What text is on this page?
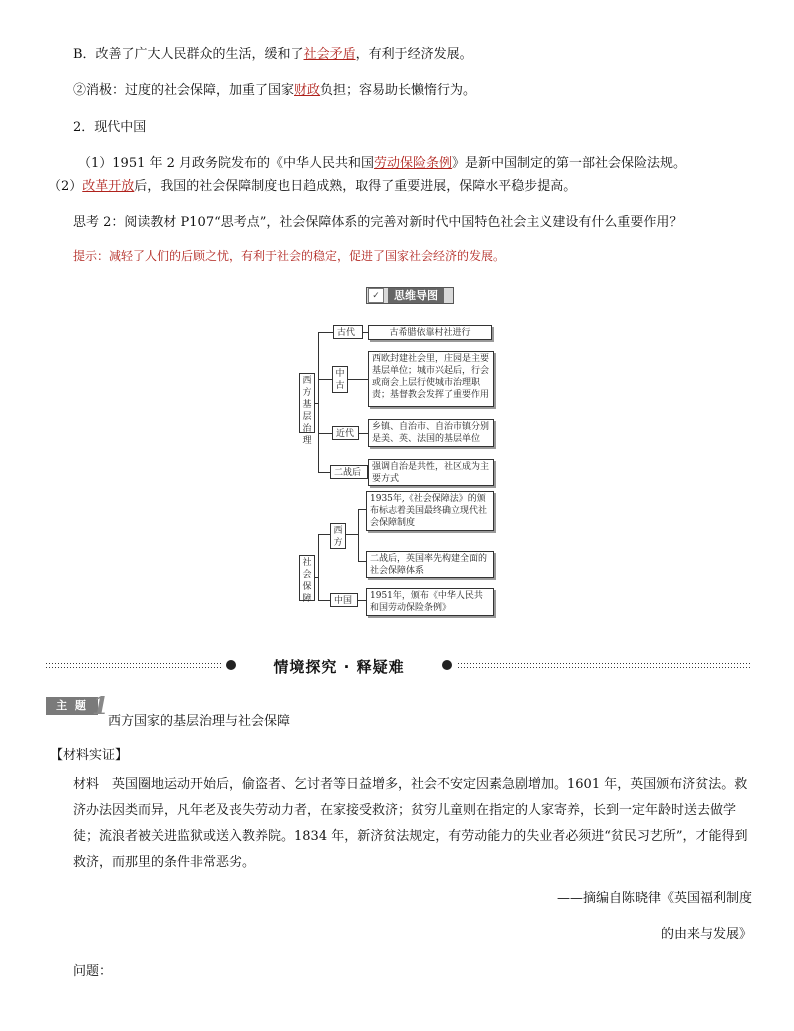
B．改善了广大人民群众的生活，缓和了社会矛盾，有利于经济发展。
②消极：过度的社会保障，加重了国家财政负担；容易助长懒惰行为。
2．现代中国
（1）1951 年 2 月政务院发布的《中华人民共和国劳动保险条例》是新中国制定的第一部社会保险法规。
（2）改革开放后，我国的社会保障制度也日趋成熟，取得了重要进展，保障水平稳步提高。
思考 2：阅读教材 P107“思考点”，社会保障体系的完善对新时代中国特色社会主义建设有什么重要作用？
提示：减轻了人们的后顾之忧，有利于社会的稳定，促进了国家社会经济的发展。
✓	思维导图
西方基层治理
古代	古希腊依靠村社进行
中古
西欧封建社会里，庄园是主要基层单位；城市兴起后，行会或商会上层行使城市治理职责；基督教会发挥了重要作用
近代
乡镇、自治市、自治市镇分别是美、英、法国的基层单位
二战后
强调自治是共性，社区成为主要方式
社会保障
西方
1935年,《社会保障法》的颁布标志着美国最终确立现代社会保障制度
二战后，英国率先构建全面的社会保障体系
中国	1951年，颁布《中华人民共和国劳动保险条例》
情境探究 · 释疑难
主 题 1
西方国家的基层治理与社会保障
【材料实证】
材料　英国圈地运动开始后，偷盗者、乞讨者等日益增多，社会不安定因素急剧增加。1601 年，英国颁布济贫法。救济办法因类而异，凡年老及丧失劳动力者，在家接受救济；贫穷儿童则在指定的人家寄养，长到一定年龄时送去做学徒；流浪者被关进监狱或送入教养院。1834 年，新济贫法规定，有劳动能力的失业者必须进“贫民习艺所”，才能得到救济，而那里的条件非常恶劣。
——摘编自陈晓律《英国福利制度
的由来与发展》
问题：
